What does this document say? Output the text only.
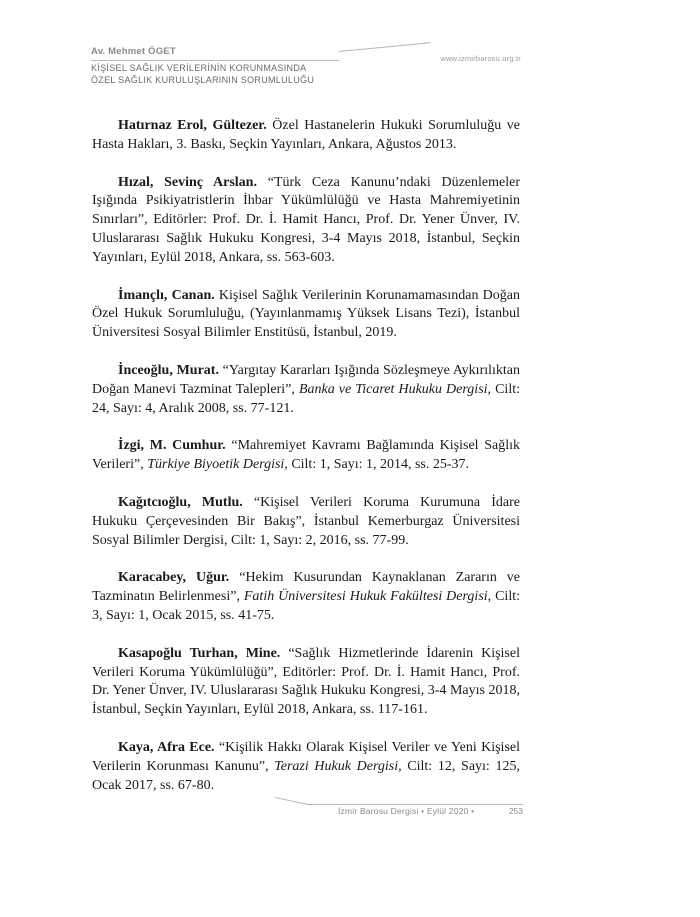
Av. Mehmet ÖGET
www.izmirbarosu.org.tr
KİŞİSEL SAĞLIK VERİLERİNİN KORUNMASINDA
ÖZEL SAĞLIK KURULUŞLARININ SORUMLULUĞU

Hatırnaz Erol, Gültezer. Özel Hastanelerin Hukuki Sorumluluğu ve Hasta Hakları, 3. Baskı, Seçkin Yayınları, Ankara, Ağustos 2013.

Hızal, Sevinç Arslan. “Türk Ceza Kanunu’ndaki Düzenlemeler Işığında Psikiyatristlerin İhbar Yükümlülüğü ve Hasta Mahremiyetinin Sınırları”, Editörler: Prof. Dr. İ. Hamit Hancı, Prof. Dr. Yener Ünver, IV. Uluslararası Sağlık Hukuku Kongresi, 3-4 Mayıs 2018, İstanbul, Seçkin Yayınları, Eylül 2018, Ankara, ss. 563-603.

İmançlı, Canan. Kişisel Sağlık Verilerinin Korunamamasından Doğan Özel Hukuk Sorumluluğu, (Yayınlanmamış Yüksek Lisans Tezi), İstanbul Üniversitesi Sosyal Bilimler Enstitüsü, İstanbul, 2019.

İnceoğlu, Murat. “Yargıtay Kararları Işığında Sözleşmeye Aykırılıktan Doğan Manevi Tazminat Talepleri”, Banka ve Ticaret Hukuku Dergisi, Cilt: 24, Sayı: 4, Aralık 2008, ss. 77-121.

İzgi, M. Cumhur. “Mahremiyet Kavramı Bağlamında Kişisel Sağlık Verileri”, Türkiye Biyoetik Dergisi, Cilt: 1, Sayı: 1, 2014, ss. 25-37.

Kağıtcıoğlu, Mutlu. “Kişisel Verileri Koruma Kurumuna İdare Hukuku Çerçevesinden Bir Bakış”, İstanbul Kemerburgaz Üniversitesi Sosyal Bilimler Dergisi, Cilt: 1, Sayı: 2, 2016, ss. 77-99.

Karacabey, Uğur. “Hekim Kusurundan Kaynaklanan Zararın ve Tazminatın Belirlenmesi”, Fatih Üniversitesi Hukuk Fakültesi Dergisi, Cilt: 3, Sayı: 1, Ocak 2015, ss. 41-75.

Kasapoğlu Turhan, Mine. “Sağlık Hizmetlerinde İdarenin Kişisel Verileri Koruma Yükümlülüğü”, Editörler: Prof. Dr. İ. Hamit Hancı, Prof. Dr. Yener Ünver, IV. Uluslararası Sağlık Hukuku Kongresi, 3-4 Mayıs 2018, İstanbul, Seçkin Yayınları, Eylül 2018, Ankara, ss. 117-161.

Kaya, Afra Ece. “Kişilik Hakkı Olarak Kişisel Veriler ve Yeni Kişisel Verilerin Korunması Kanunu”, Terazi Hukuk Dergisi, Cilt: 12, Sayı: 125, Ocak 2017, ss. 67-80.

İzmir Barosu Dergisi • Eylül 2020 •	253
